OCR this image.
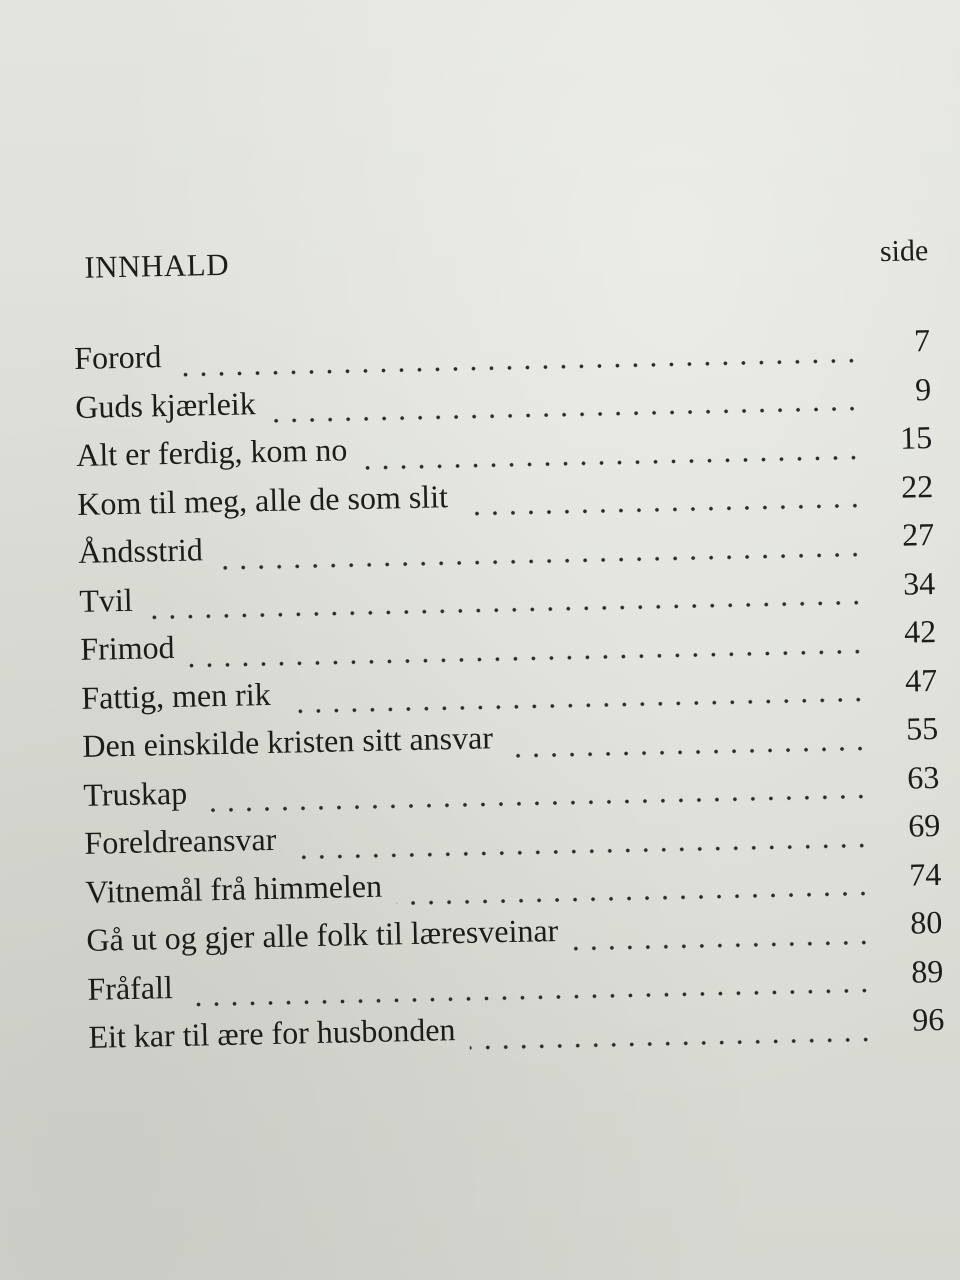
INNHALD	side
Forord	7
Guds kjærleik	9
Alt er ferdig, kom no	15
Kom til meg, alle de som slit	22
Åndsstrid	27
Tvil	34
Frimod	42
Fattig, men rik	47
Den einskilde kristen sitt ansvar	55
Truskap	63
Foreldreansvar	69
Vitnemål frå himmelen	74
Gå ut og gjer alle folk til læresveinar	80
Fråfall	89
Eit kar til ære for husbonden	96
